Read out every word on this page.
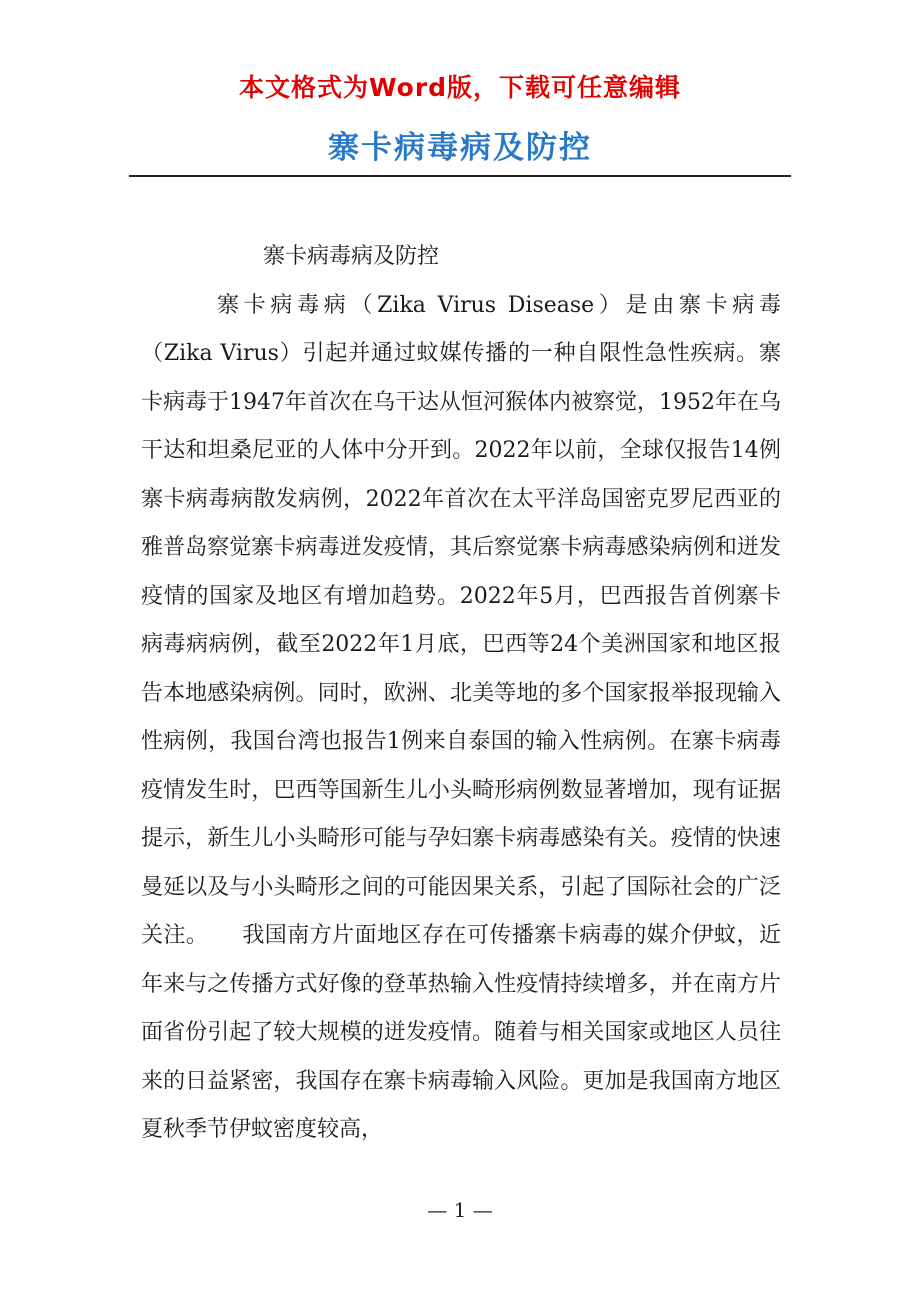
本文格式为Word版，下载可任意编辑
寨卡病毒病及防控

寨卡病毒病及防控

寨卡病毒病（Zika Virus Disease）是由寨卡病毒（Zika Virus）引起并通过蚊媒传播的一种自限性急性疾病。寨卡病毒于1947年首次在乌干达从恒河猴体内被察觉，1952年在乌干达和坦桑尼亚的人体中分开到。2022年以前，全球仅报告14例寨卡病毒病散发病例，2022年首次在太平洋岛国密克罗尼西亚的雅普岛察觉寨卡病毒迸发疫情，其后察觉寨卡病毒感染病例和迸发疫情的国家及地区有增加趋势。2022年5月，巴西报告首例寨卡病毒病病例，截至2022年1月底，巴西等24个美洲国家和地区报告本地感染病例。同时，欧洲、北美等地的多个国家报举报现输入性病例，我国台湾也报告1例来自泰国的输入性病例。在寨卡病毒疫情发生时，巴西等国新生儿小头畸形病例数显著增加，现有证据提示，新生儿小头畸形可能与孕妇寨卡病毒感染有关。疫情的快速曼延以及与小头畸形之间的可能因果关系，引起了国际社会的广泛关注。　　我国南方片面地区存在可传播寨卡病毒的媒介伊蚊，近年来与之传播方式好像的登革热输入性疫情持续增多，并在南方片面省份引起了较大规模的迸发疫情。随着与相关国家或地区人员往来的日益紧密，我国存在寨卡病毒输入风险。更加是我国南方地区夏秋季节伊蚊密度较高，

— 1 —
